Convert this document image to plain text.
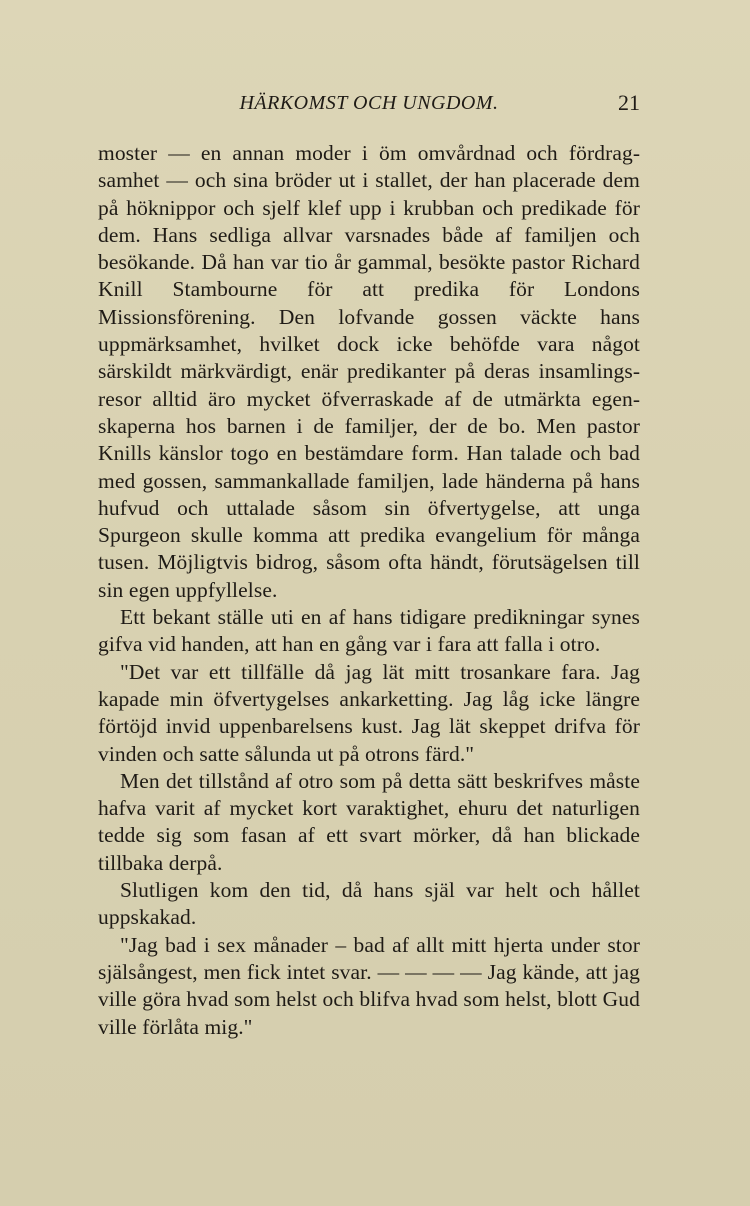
HÄRKOMST OCH UNGDOM.	21

moster — en annan moder i öm omvårdnad och fördragsamhet — och sina bröder ut i stallet, der han placerade dem på höknippor och sjelf klef upp i krubban och predikade för dem. Hans sedliga allvar varsnades både af familjen och besökande. Då han var tio år gammal, besökte pastor Richard Knill Stambourne för att predika för Londons Missionsförening. Den lofvande gossen väckte hans uppmärksamhet, hvilket dock icke behöfde vara något särskildt märkvärdigt, enär predikanter på deras insamlingsresor alltid äro mycket öfverraskade af de utmärkta egenskaperna hos barnen i de familjer, der de bo. Men pastor Knills känslor togo en bestämdare form. Han talade och bad med gossen, sammankallade familjen, lade händerna på hans hufvud och uttalade såsom sin öfvertygelse, att unga Spurgeon skulle komma att predika evangelium för många tusen. Möjligtvis bidrog, såsom ofta händt, förutsägelsen till sin egen uppfyllelse.

Ett bekant ställe uti en af hans tidigare predikningar synes gifva vid handen, att han en gång var i fara att falla i otro.

"Det var ett tillfälle då jag lät mitt trosankare fara. Jag kapade min öfvertygelses ankarketting. Jag låg icke längre förtöjd invid uppenbarelsens kust. Jag lät skeppet drifva för vinden och satte sålunda ut på otrons färd."

Men det tillstånd af otro som på detta sätt beskrifves måste hafva varit af mycket kort varaktighet, ehuru det naturligen tedde sig som fasan af ett svart mörker, då han blickade tillbaka derpå.

Slutligen kom den tid, då hans själ var helt och hållet uppskakad.

"Jag bad i sex månader – bad af allt mitt hjerta under stor själsångest, men fick intet svar. — — — — Jag kände, att jag ville göra hvad som helst och blifva hvad som helst, blott Gud ville förlåta mig."
